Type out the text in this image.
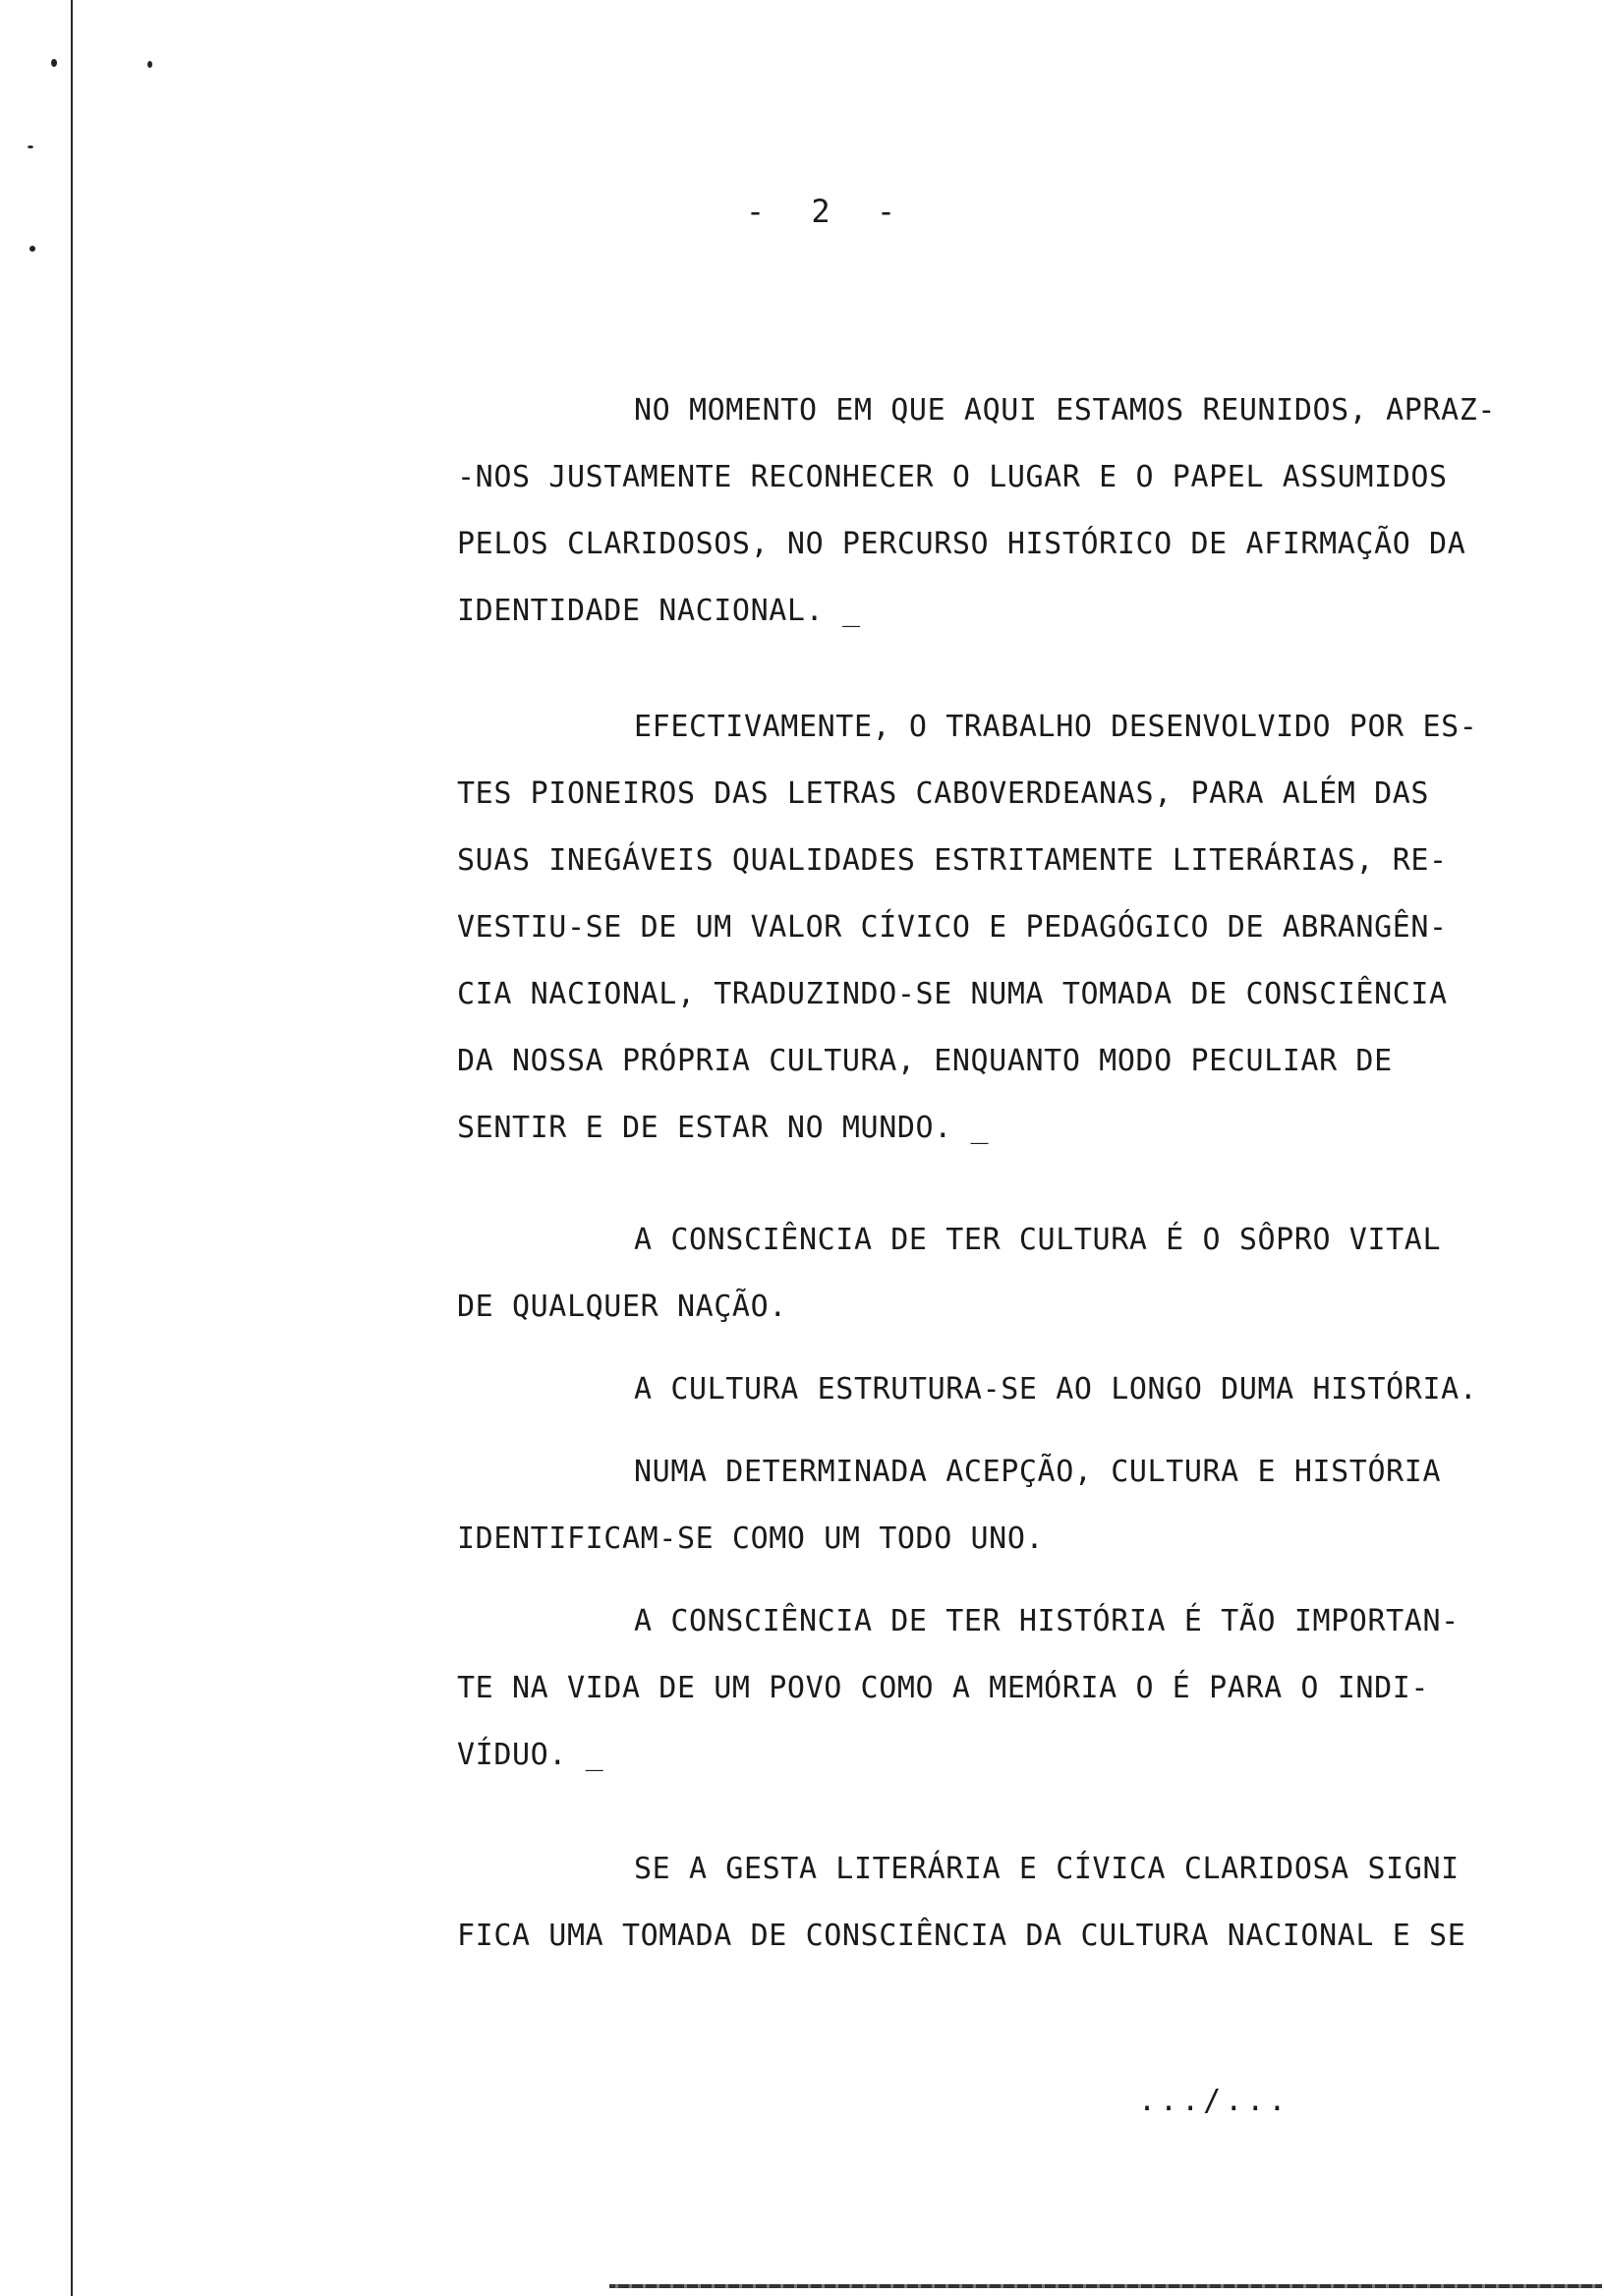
- 2 -
NO MOMENTO EM QUE AQUI ESTAMOS REUNIDOS, APRAZ-
-NOS JUSTAMENTE RECONHECER O LUGAR E O PAPEL ASSUMIDOS
PELOS CLARIDOSOS, NO PERCURSO HISTÓRICO DE AFIRMAÇÃO DA
IDENTIDADE NACIONAL. _
EFECTIVAMENTE, O TRABALHO DESENVOLVIDO POR ES-
TES PIONEIROS DAS LETRAS CABOVERDEANAS, PARA ALÉM DAS
SUAS INEGÁVEIS QUALIDADES ESTRITAMENTE LITERÁRIAS, RE-
VESTIU-SE DE UM VALOR CÍVICO E PEDAGÓGICO DE ABRANGÊN-
CIA NACIONAL, TRADUZINDO-SE NUMA TOMADA DE CONSCIÊNCIA
DA NOSSA PRÓPRIA CULTURA, ENQUANTO MODO PECULIAR DE
SENTIR E DE ESTAR NO MUNDO. _
A CONSCIÊNCIA DE TER CULTURA É O SÔPRO VITAL
DE QUALQUER NAÇÃO.
A CULTURA ESTRUTURA-SE AO LONGO DUMA HISTÓRIA.
NUMA DETERMINADA ACEPÇÃO, CULTURA E HISTÓRIA
IDENTIFICAM-SE COMO UM TODO UNO.
A CONSCIÊNCIA DE TER HISTÓRIA É TÃO IMPORTAN-
TE NA VIDA DE UM POVO COMO A MEMÓRIA O É PARA O INDI-
VÍDUO. _
SE A GESTA LITERÁRIA E CÍVICA CLARIDOSA SIGNI
FICA UMA TOMADA DE CONSCIÊNCIA DA CULTURA NACIONAL E SE
.../...
